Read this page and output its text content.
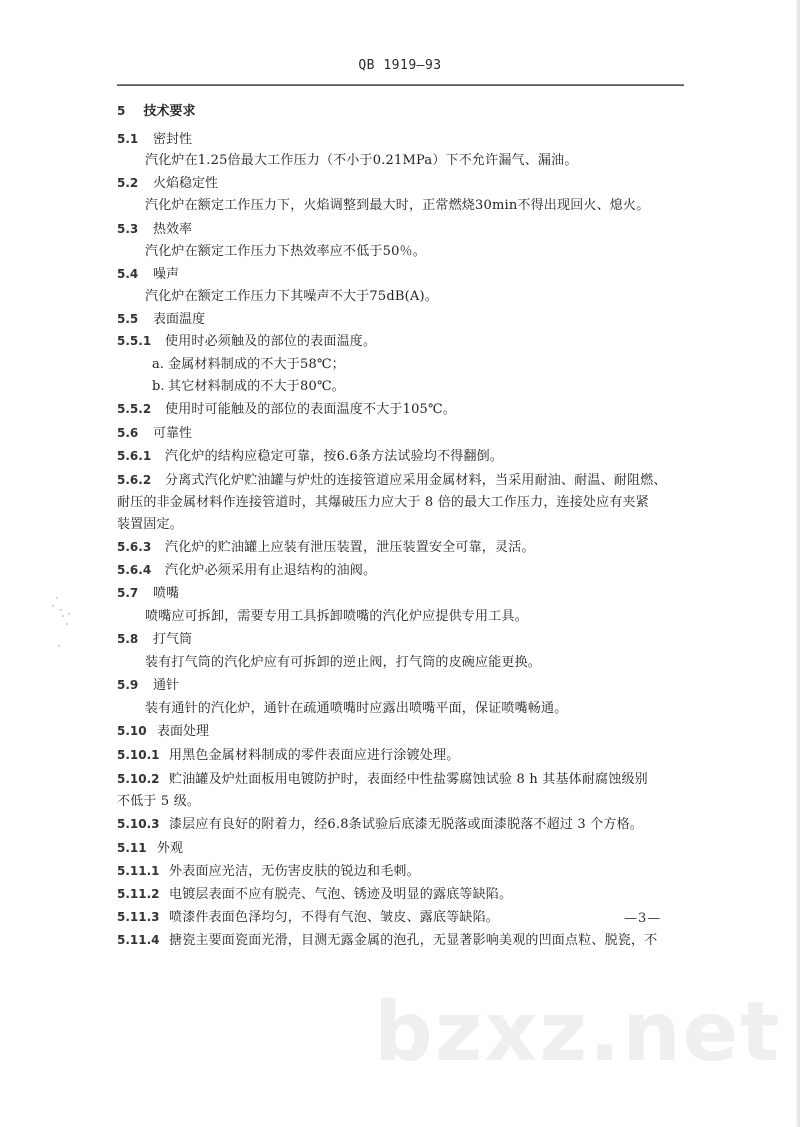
QB 1919—93
5 技术要求
5.1 密封性
汽化炉在1.25倍最大工作压力（不小于0.21MPa）下不允许漏气、漏油。
5.2 火焰稳定性
汽化炉在额定工作压力下，火焰调整到最大时，正常燃烧30min不得出现回火、熄火。
5.3 热效率
汽化炉在额定工作压力下热效率应不低于50％。
5.4 噪声
汽化炉在额定工作压力下其噪声不大于75dB(A)。
5.5 表面温度
5.5.1 使用时必须触及的部位的表面温度。
a. 金属材料制成的不大于58℃；
b. 其它材料制成的不大于80℃。
5.5.2 使用时可能触及的部位的表面温度不大于105℃。
5.6 可靠性
5.6.1 汽化炉的结构应稳定可靠，按6.6条方法试验均不得翻倒。
5.6.2 分离式汽化炉贮油罐与炉灶的连接管道应采用金属材料，当采用耐油、耐温、耐阻燃、
耐压的非金属材料作连接管道时，其爆破压力应大于 8 倍的最大工作压力，连接处应有夹紧
装置固定。
5.6.3 汽化炉的贮油罐上应装有泄压装置，泄压装置安全可靠，灵活。
5.6.4 汽化炉必须采用有止退结构的油阀。
5.7 喷嘴
喷嘴应可拆卸，需要专用工具拆卸喷嘴的汽化炉应提供专用工具。
5.8 打气筒
装有打气筒的汽化炉应有可拆卸的逆止阀，打气筒的皮碗应能更换。
5.9 通针
装有通针的汽化炉，通针在疏通喷嘴时应露出喷嘴平面，保证喷嘴畅通。
5.10 表面处理
5.10.1 用黑色金属材料制成的零件表面应进行涂镀处理。
5.10.2 贮油罐及炉灶面板用电镀防护时，表面经中性盐雾腐蚀试验 8 h 其基体耐腐蚀级别
不低于 5 级。
5.10.3 漆层应有良好的附着力，经6.8条试验后底漆无脱落或面漆脱落不超过 3 个方格。
5.11 外观
5.11.1 外表面应光洁，无伤害皮肤的锐边和毛刺。
5.11.2 电镀层表面不应有脱壳、气泡、锈迹及明显的露底等缺陷。
5.11.3 喷漆件表面色泽均匀，不得有气泡、皱皮、露底等缺陷。
5.11.4 搪瓷主要面瓷面光滑，目测无露金属的泡孔，无显著影响美观的凹面点粒、脱瓷，不
—3—
bzxz.net
